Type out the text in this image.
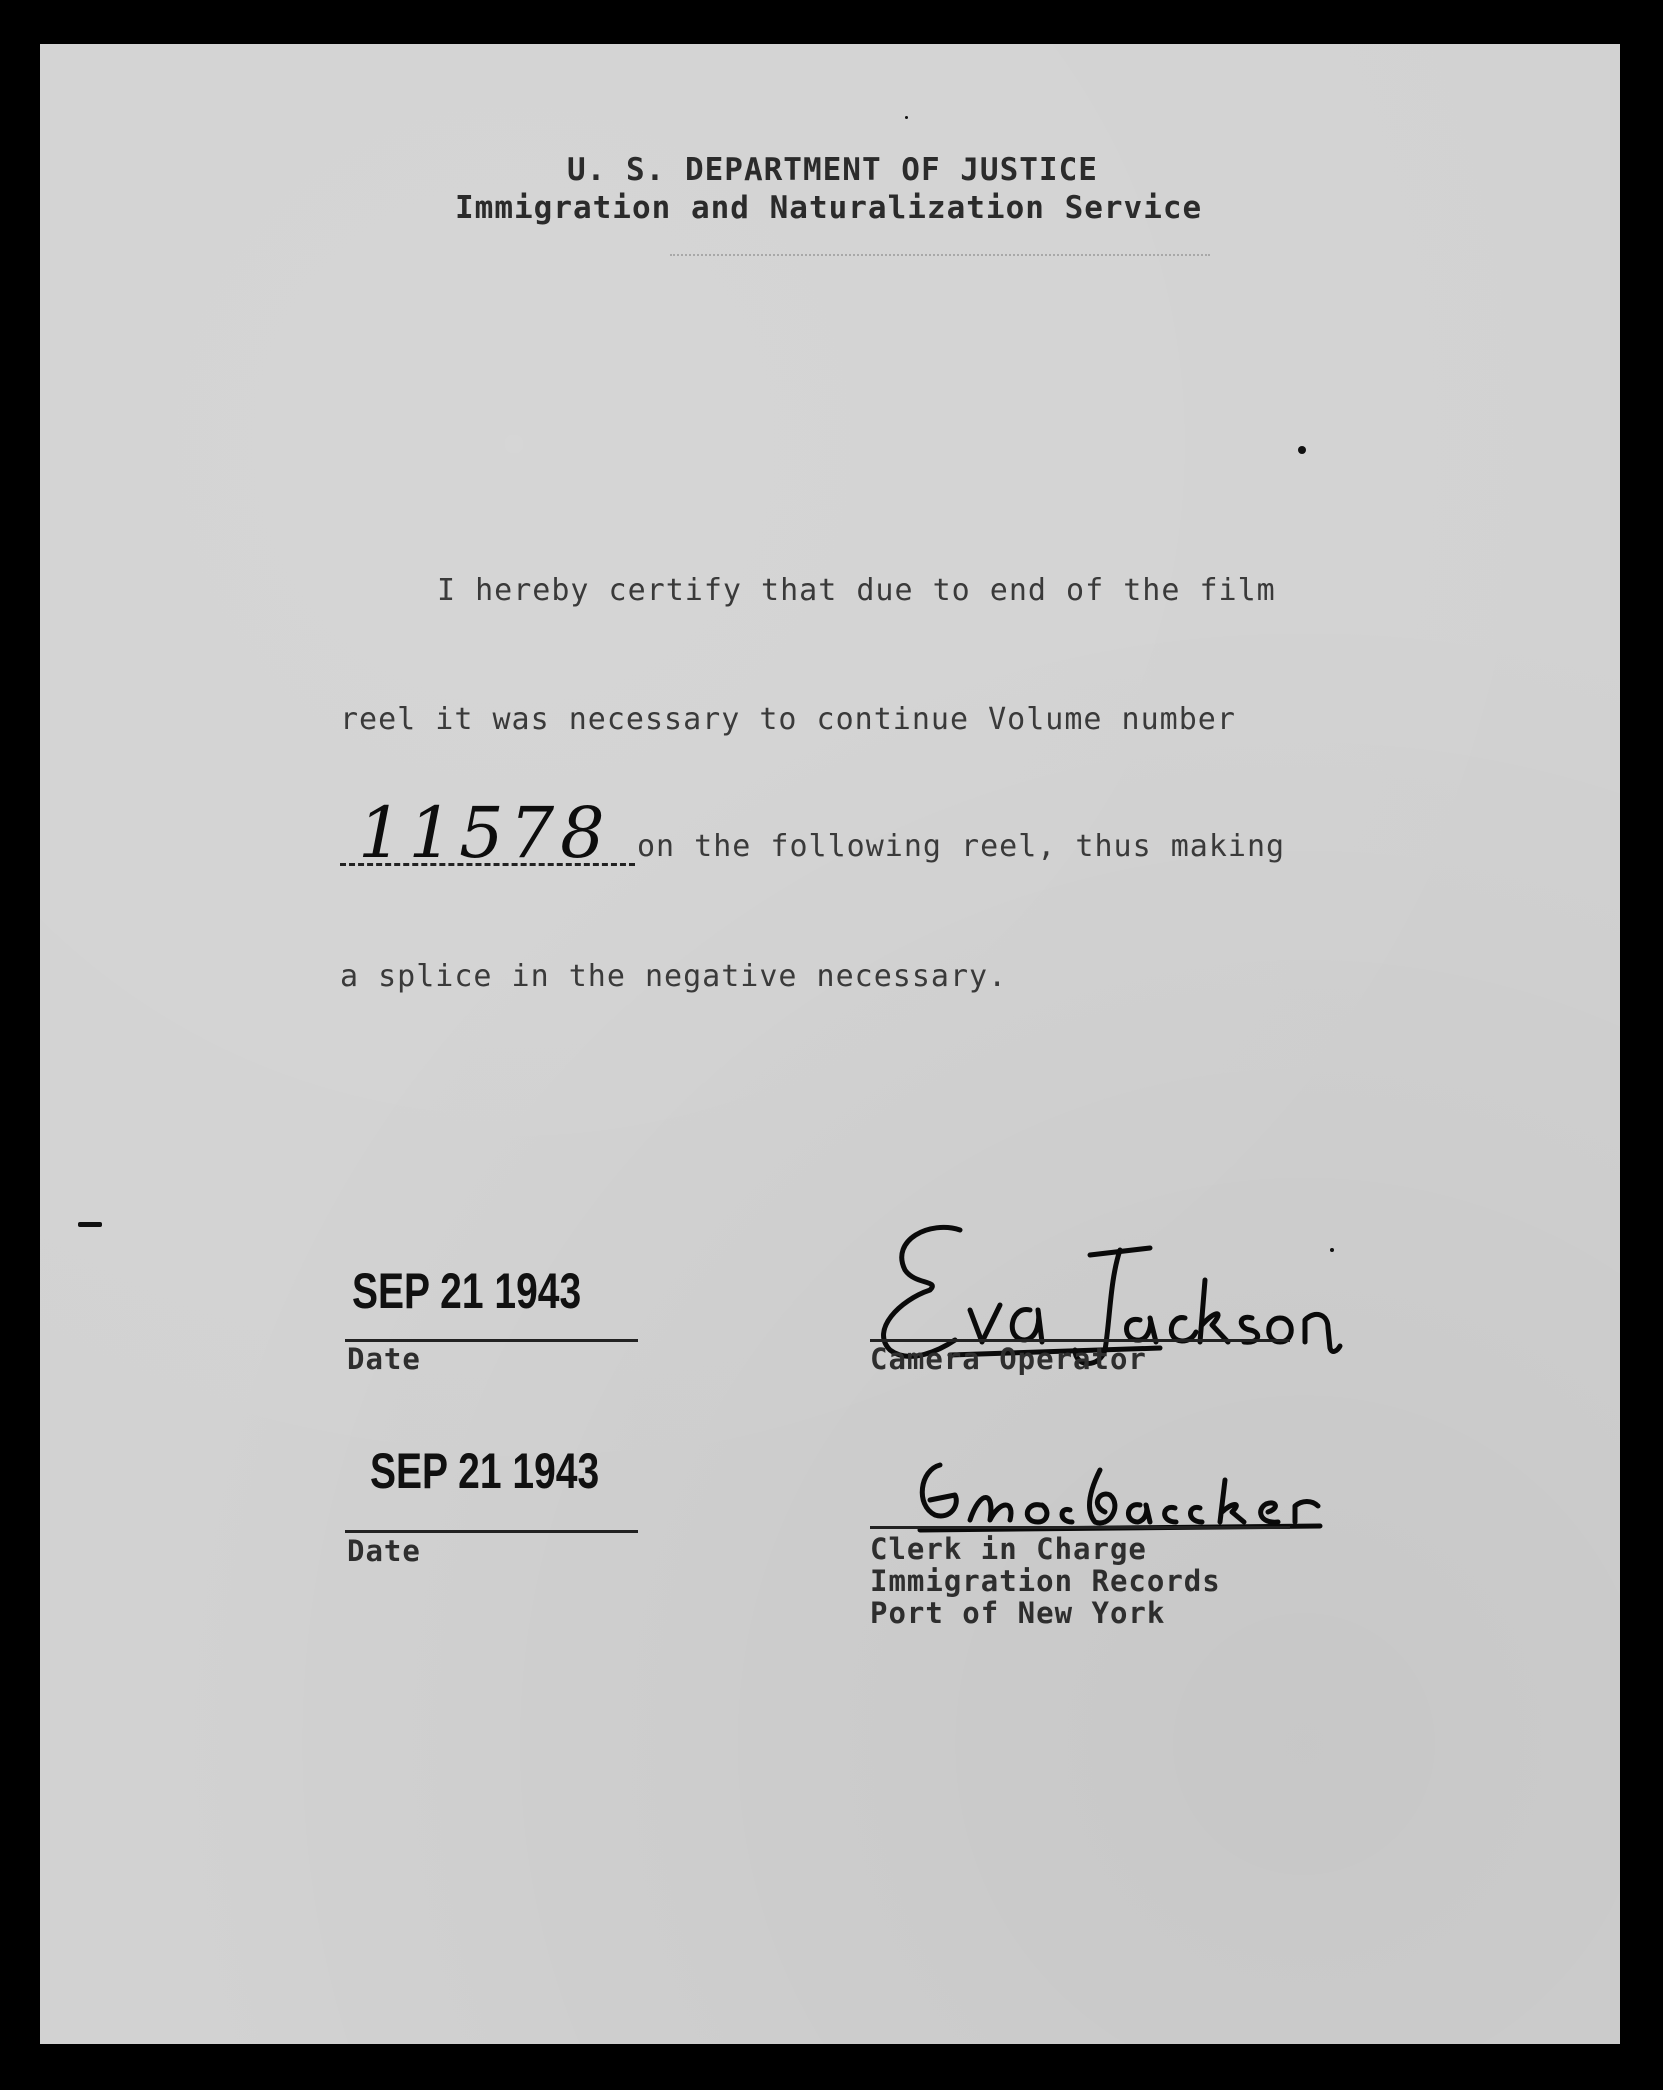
U. S. DEPARTMENT OF JUSTICE
Immigration and Naturalization Service
I hereby certify that due to end of the film
reel it was necessary to continue Volume number
11578 on the following reel, thus making
a splice in the negative necessary.
SEP 21 1943
Date
SEP 21 1943
Date
Camera Operator
Clerk in Charge
Immigration Records
Port of New York
